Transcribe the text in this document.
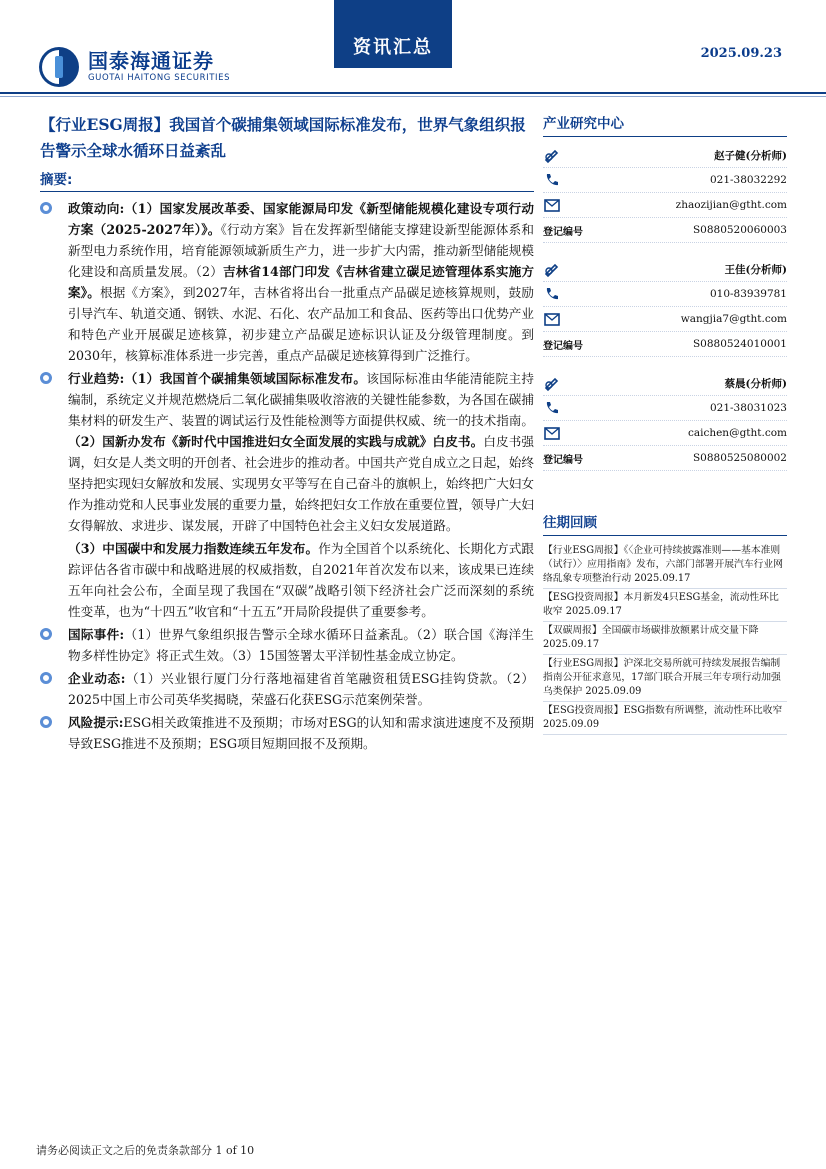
国泰海通证券
GUOTAI HAITONG SECURITIES
资讯汇总	2025.09.23
【行业ESG周报】我国首个碳捕集领域国际标准发布，世界气象组织报告警示全球水循环日益紊乱
摘要:
政策动向:（1）国家发展改革委、国家能源局印发《新型储能规模化建设专项行动方案（2025-2027年）》。《行动方案》旨在发挥新型储能支撑建设新型能源体系和新型电力系统作用，培育能源领域新质生产力，进一步扩大内需，推动新型储能规模化建设和高质量发展。（2）吉林省14部门印发《吉林省建立碳足迹管理体系实施方案》。根据《方案》，到2027年，吉林省将出台一批重点产品碳足迹核算规则，鼓励引导汽车、轨道交通、钢铁、水泥、石化、农产品加工和食品、医药等出口优势产业和特色产业开展碳足迹核算，初步建立产品碳足迹标识认证及分级管理制度。到2030年，核算标准体系进一步完善，重点产品碳足迹核算得到广泛推行。
行业趋势:（1）我国首个碳捕集领域国际标准发布。该国际标准由华能清能院主持编制，系统定义并规范燃烧后二氧化碳捕集吸收溶液的关键性能参数，为各国在碳捕集材料的研发生产、装置的调试运行及性能检测等方面提供权威、统一的技术指南。（2）国新办发布《新时代中国推进妇女全面发展的实践与成就》白皮书。白皮书强调，妇女是人类文明的开创者、社会进步的推动者。中国共产党自成立之日起，始终坚持把实现妇女解放和发展、实现男女平等写在自己奋斗的旗帜上，始终把广大妇女作为推动党和人民事业发展的重要力量，始终把妇女工作放在重要位置，领导广大妇女得解放、求进步、谋发展，开辟了中国特色社会主义妇女发展道路。
（3）中国碳中和发展力指数连续五年发布。作为全国首个以系统化、长期化方式跟踪评估各省市碳中和战略进展的权威指数，自2021年首次发布以来，该成果已连续五年向社会公布，全面呈现了我国在“双碳”战略引领下经济社会广泛而深刻的系统性变革，也为“十四五”收官和“十五五”开局阶段提供了重要参考。
国际事件:（1）世界气象组织报告警示全球水循环日益紊乱。（2）联合国《海洋生物多样性协定》将正式生效。（3）15国签署太平洋韧性基金成立协定。
企业动态:（1）兴业银行厦门分行落地福建省首笔融资租赁ESG挂钩贷款。（2）2025中国上市公司英华奖揭晓，荣盛石化获ESG示范案例荣誉。
风险提示:ESG相关政策推进不及预期；市场对ESG的认知和需求演进速度不及预期导致ESG推进不及预期；ESG项目短期回报不及预期。
产业研究中心
赵子健(分析师)
021-38032292
zhaozijian@gtht.com
登记编号	S0880520060003
王佳(分析师)
010-83939781
wangjia7@gtht.com
登记编号	S0880524010001
蔡晨(分析师)
021-38031023
caichen@gtht.com
登记编号	S0880525080002
往期回顾
【行业ESG周报】《〈企业可持续披露准则——基本准则（试行）〉应用指南》发布，六部门部署开展汽车行业网络乱象专项整治行动 2025.09.17
【ESG投资周报】本月新发4只ESG基金，流动性环比收窄 2025.09.17
【双碳周报】全国碳市场碳排放额累计成交量下降 2025.09.17
【行业ESG周报】沪深北交易所就可持续发展报告编制指南公开征求意见，17部门联合开展三年专项行动加强乌类保护 2025.09.09
【ESG投资周报】ESG指数有所调整，流动性环比收窄 2025.09.09
请务必阅读正文之后的免责条款部分 1 of 10
